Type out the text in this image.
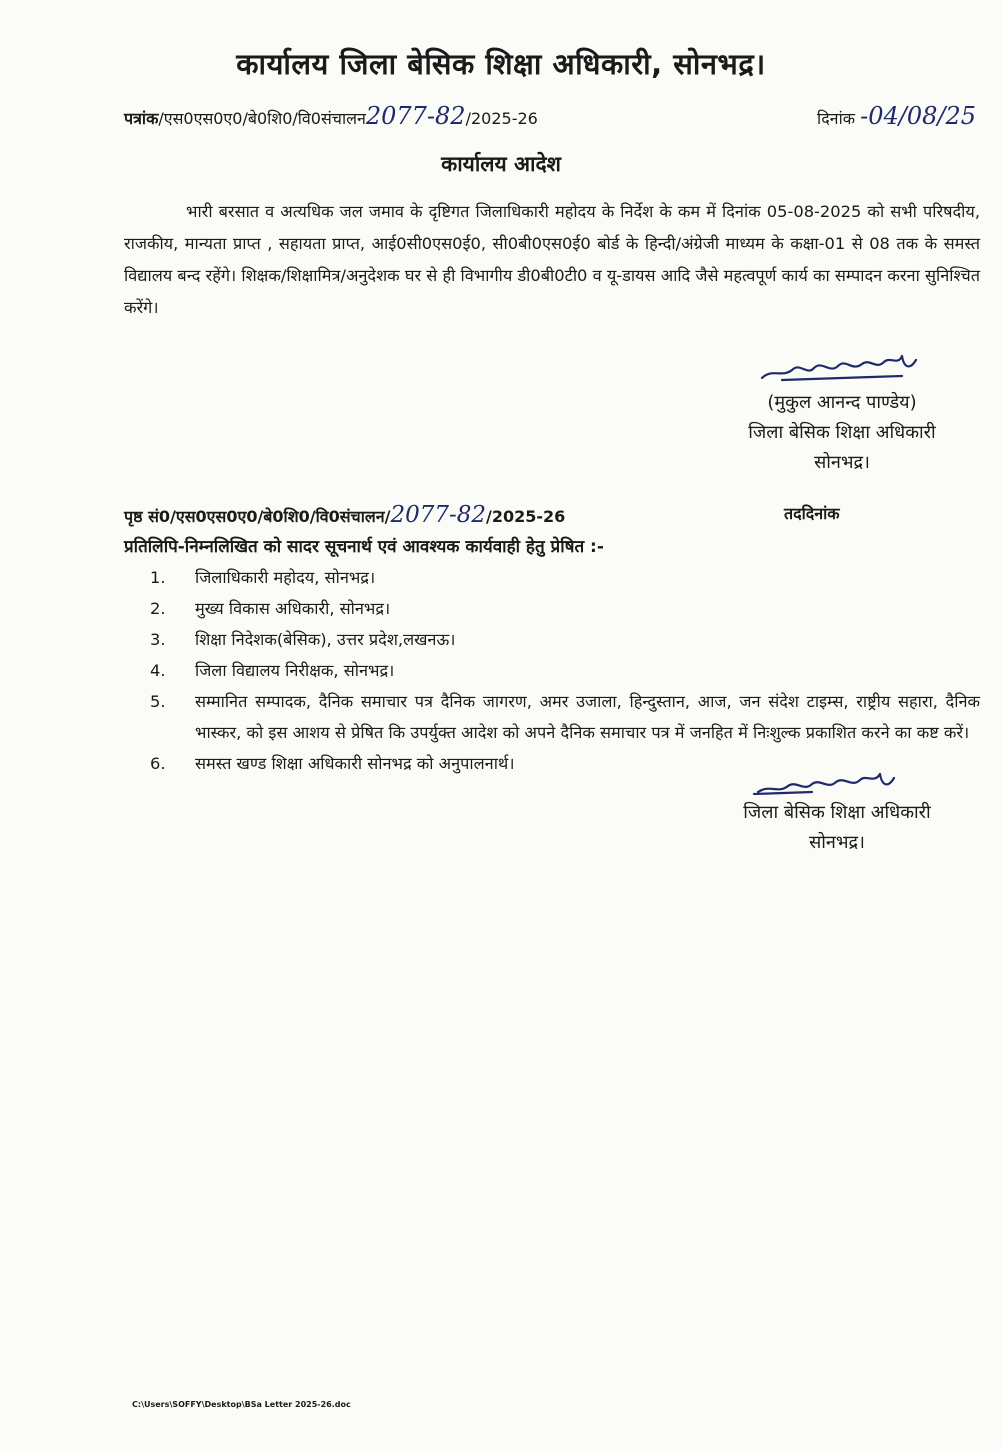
कार्यालय जिला बेसिक शिक्षा अधिकारी, सोनभद्र।
पत्रांक/एस0एस0ए0/बे0शि0/वि0संचालन2077-82/2025-26	दिनांक -04/08/25
कार्यालय आदेश

भारी बरसात व अत्यधिक जल जमाव के दृष्टिगत जिलाधिकारी महोदय के निर्देश के कम में दिनांक 05-08-2025 को सभी परिषदीय, राजकीय, मान्यता प्राप्त , सहायता प्राप्त, आई0सी0एस0ई0, सी0बी0एस0ई0 बोर्ड के हिन्दी/अंग्रेजी माध्यम के कक्षा-01 से 08 तक के समस्त विद्यालय बन्द रहेंगे। शिक्षक/शिक्षामित्र/अनुदेशक घर से ही विभागीय डी0बी0टी0 व यू-डायस आदि जैसे महत्वपूर्ण कार्य का सम्पादन करना सुनिश्चित करेंगे।

(मुकुल आनन्द पाण्डेय)
जिला बेसिक शिक्षा अधिकारी
सोनभद्र।
पृष्ठ सं0/एस0एस0ए0/बे0शि0/वि0संचालन/2077-82/2025-26	तददिनांक
प्रतिलिपि-निम्नलिखित को सादर सूचनार्थ एवं आवश्यक कार्यवाही हेतु प्रेषित :-
1. जिलाधिकारी महोदय, सोनभद्र।
2. मुख्य विकास अधिकारी, सोनभद्र।
3. शिक्षा निदेशक(बेसिक), उत्तर प्रदेश,लखनऊ।
4. जिला विद्यालय निरीक्षक, सोनभद्र।
5. सम्मानित सम्पादक, दैनिक समाचार पत्र दैनिक जागरण, अमर उजाला, हिन्दुस्तान, आज, जन संदेश टाइम्स, राष्ट्रीय सहारा, दैनिक भास्कर, को इस आशय से प्रेषित कि उपर्युक्त आदेश को अपने दैनिक समाचार पत्र में जनहित में निःशुल्क प्रकाशित करने का कष्ट करें।
6. समस्त खण्ड शिक्षा अधिकारी सोनभद्र को अनुपालनार्थ।
जिला बेसिक शिक्षा अधिकारी
सोनभद्र।
C:\Users\SOFFY\Desktop\BSa Letter 2025-26.doc
